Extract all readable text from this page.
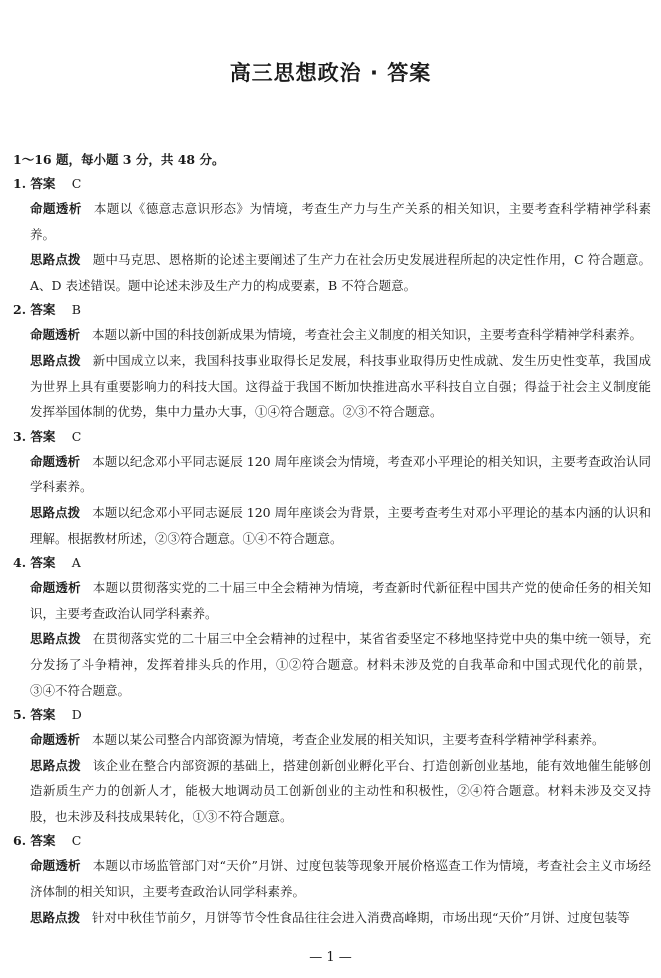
高三思想政治 · 答案
1～16 题，每小题 3 分，共 48 分。
1. 答案 C
命题透析 本题以《德意志意识形态》为情境，考查生产力与生产关系的相关知识，主要考查科学精神学科素养。
思路点拨 题中马克思、恩格斯的论述主要阐述了生产力在社会历史发展进程所起的决定性作用，C 符合题意。A、D 表述错误。题中论述未涉及生产力的构成要素，B 不符合题意。
2. 答案 B
命题透析 本题以新中国的科技创新成果为情境，考查社会主义制度的相关知识，主要考查科学精神学科素养。
思路点拨 新中国成立以来，我国科技事业取得长足发展，科技事业取得历史性成就、发生历史性变革，我国成为世界上具有重要影响力的科技大国。这得益于我国不断加快推进高水平科技自立自强；得益于社会主义制度能发挥举国体制的优势，集中力量办大事，①④符合题意。②③不符合题意。
3. 答案 C
命题透析 本题以纪念邓小平同志诞辰 120 周年座谈会为情境，考查邓小平理论的相关知识，主要考查政治认同学科素养。
思路点拨 本题以纪念邓小平同志诞辰 120 周年座谈会为背景，主要考查考生对邓小平理论的基本内涵的认识和理解。根据教材所述，②③符合题意。①④不符合题意。
4. 答案 A
命题透析 本题以贯彻落实党的二十届三中全会精神为情境，考查新时代新征程中国共产党的使命任务的相关知识，主要考查政治认同学科素养。
思路点拨 在贯彻落实党的二十届三中全会精神的过程中，某省省委坚定不移地坚持党中央的集中统一领导，充分发扬了斗争精神，发挥着排头兵的作用，①②符合题意。材料未涉及党的自我革命和中国式现代化的前景，③④不符合题意。
5. 答案 D
命题透析 本题以某公司整合内部资源为情境，考查企业发展的相关知识，主要考查科学精神学科素养。
思路点拨 该企业在整合内部资源的基础上，搭建创新创业孵化平台、打造创新创业基地，能有效地催生能够创造新质生产力的创新人才，能极大地调动员工创新创业的主动性和积极性，②④符合题意。材料未涉及交叉持股，也未涉及科技成果转化，①③不符合题意。
6. 答案 C
命题透析 本题以市场监管部门对“天价”月饼、过度包装等现象开展价格巡查工作为情境，考查社会主义市场经济体制的相关知识，主要考查政治认同学科素养。
思路点拨 针对中秋佳节前夕，月饼等节令性食品往往会进入消费高峰期，市场出现“天价”月饼、过度包装等
— 1 —
